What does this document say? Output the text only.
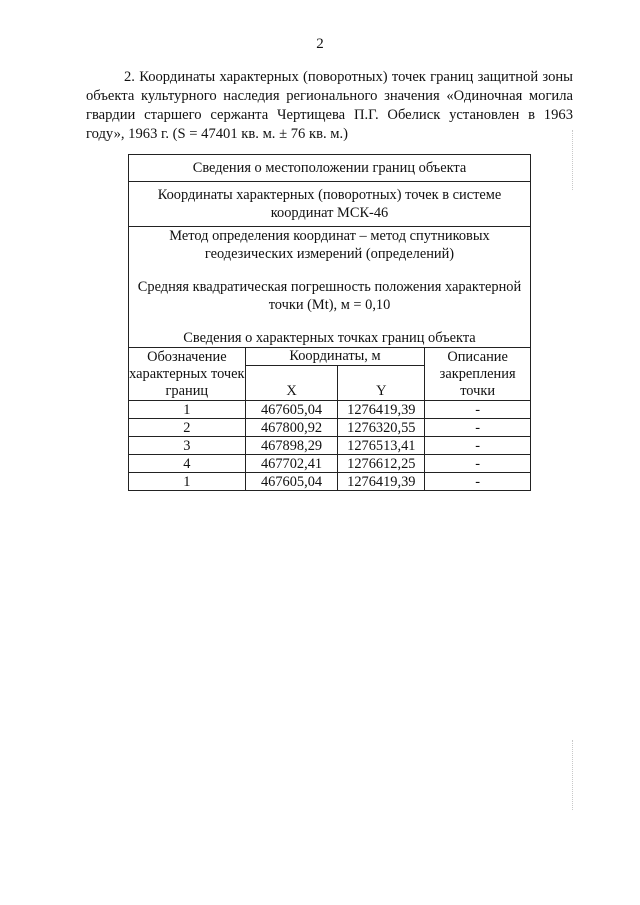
2

2. Координаты характерных (поворотных) точек границ защитной зоны объекта культурного наследия регионального значения «Одиночная могила гвардии старшего сержанта Чертищева П.Г. Обелиск установлен в 1963 году», 1963 г. (S = 47401 кв. м. ± 76 кв. м.)

Сведения о местоположении границ объекта			
Координаты характерных (поворотных) точек в системе координат МСК-46			

Метод определения координат – метод спутниковых геодезических измерений (определений)

Средняя квадратическая погрешность положения характерной точки (Mt), м = 0,10

Сведения о характерных точках границ объекта			

Обозначение характерных точек границ	Координаты, м		Описание закрепления точки
	X	Y	
1	467605,04	1276419,39	-
2	467800,92	1276320,55	-
3	467898,29	1276513,41	-
4	467702,41	1276612,25	-
1	467605,04	1276419,39	-
